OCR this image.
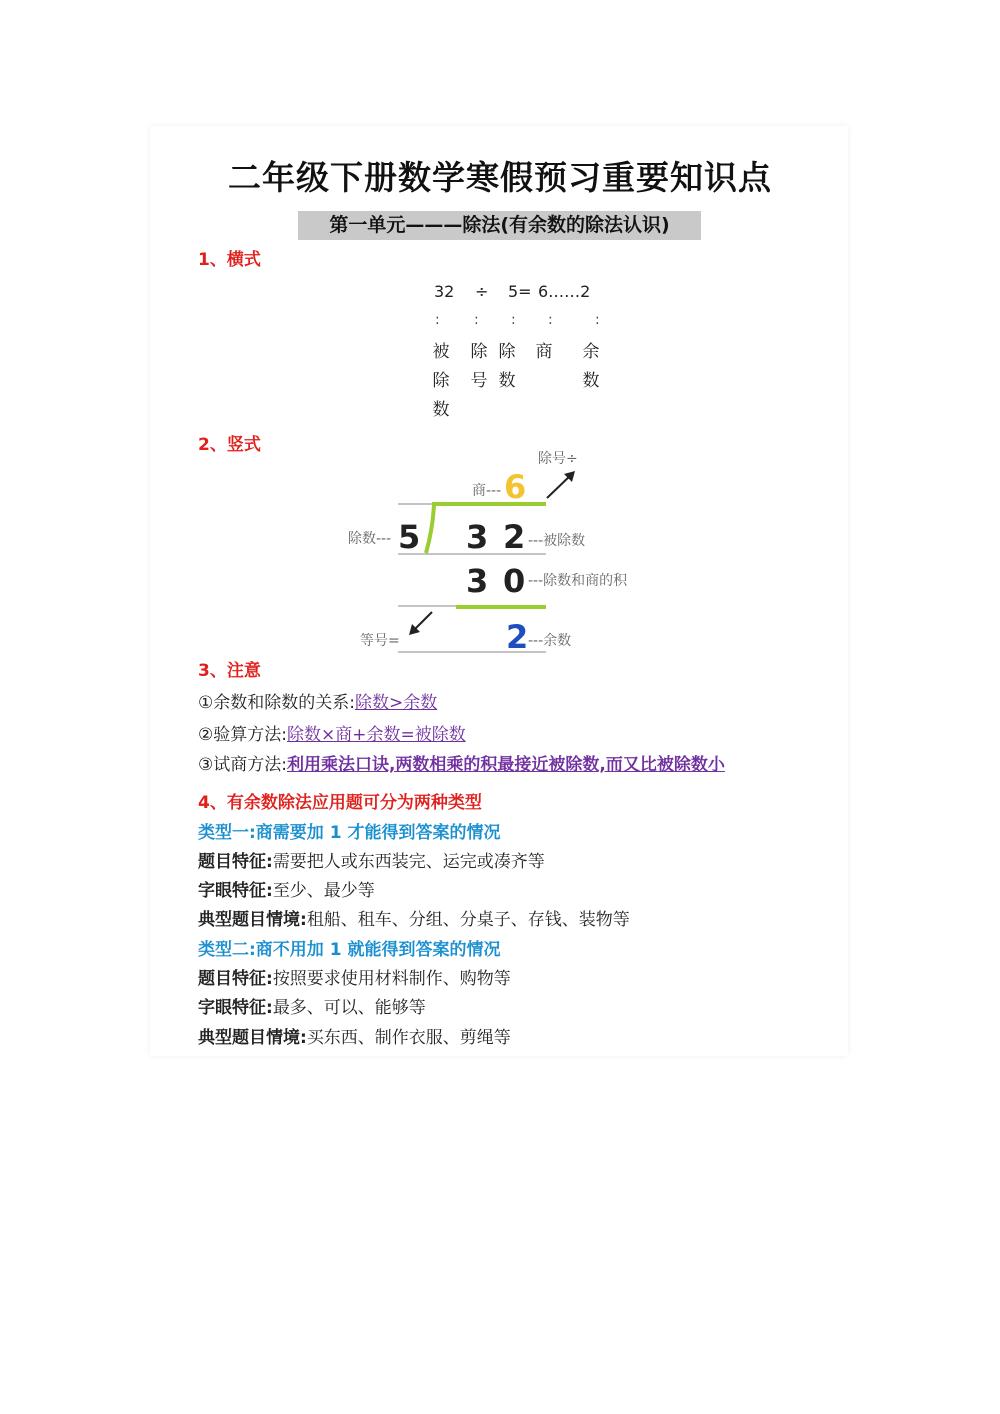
二年级下册数学寒假预习重要知识点
第一单元———除法(有余数的除法认识)
1、横式
32 ÷ 5= 6……2
: : : :	:
被除数
除号
除数
商 余数
2、竖式
除号÷
商--- 6
除数--- 5 3 2 ---被除数
3 0 ---除数和商的积
等号=	2 ---余数
3、注意
①余数和除数的关系:除数>余数
②验算方法:除数×商+余数=被除数
③试商方法:利用乘法口诀,两数相乘的积最接近被除数,而又比被除数小
4、有余数除法应用题可分为两种类型
类型一:商需要加 1 才能得到答案的情况
题目特征:需要把人或东西装完、运完或凑齐等
字眼特征:至少、最少等
典型题目情境:租船、租车、分组、分桌子、存钱、装物等
类型二:商不用加 1 就能得到答案的情况
题目特征:按照要求使用材料制作、购物等
字眼特征:最多、可以、能够等
典型题目情境:买东西、制作衣服、剪绳等
